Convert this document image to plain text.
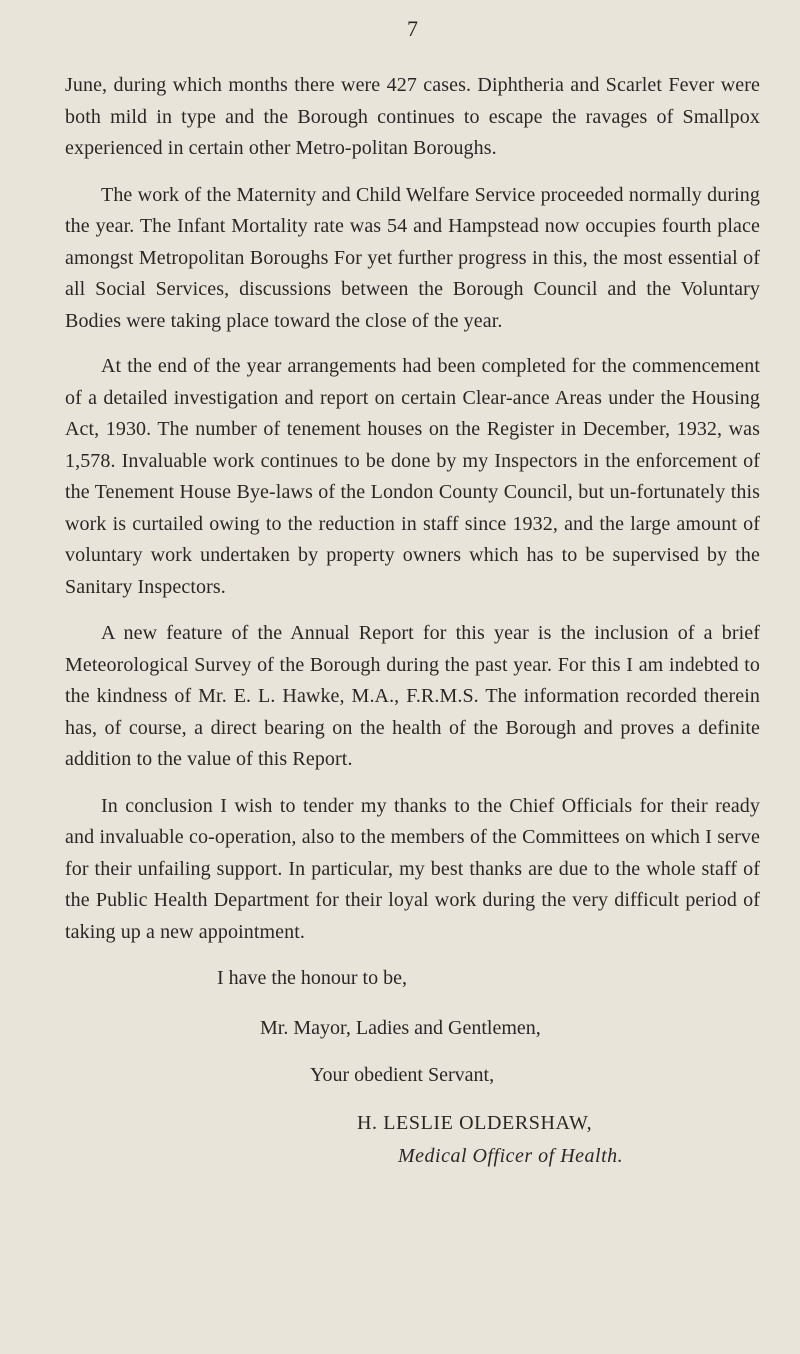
7

June, during which months there were 427 cases. Diphtheria and Scarlet Fever were both mild in type and the Borough continues to escape the ravages of Smallpox experienced in certain other Metro-politan Boroughs.

The work of the Maternity and Child Welfare Service proceeded normally during the year. The Infant Mortality rate was 54 and Hampstead now occupies fourth place amongst Metropolitan Boroughs For yet further progress in this, the most essential of all Social Services, discussions between the Borough Council and the Voluntary Bodies were taking place toward the close of the year.

At the end of the year arrangements had been completed for the commencement of a detailed investigation and report on certain Clear-ance Areas under the Housing Act, 1930. The number of tenement houses on the Register in December, 1932, was 1,578. Invaluable work continues to be done by my Inspectors in the enforcement of the Tenement House Bye-laws of the London County Council, but un-fortunately this work is curtailed owing to the reduction in staff since 1932, and the large amount of voluntary work undertaken by property owners which has to be supervised by the Sanitary Inspectors.

A new feature of the Annual Report for this year is the inclusion of a brief Meteorological Survey of the Borough during the past year. For this I am indebted to the kindness of Mr. E. L. Hawke, M.A., F.R.M.S. The information recorded therein has, of course, a direct bearing on the health of the Borough and proves a definite addition to the value of this Report.

In conclusion I wish to tender my thanks to the Chief Officials for their ready and invaluable co-operation, also to the members of the Committees on which I serve for their unfailing support. In particular, my best thanks are due to the whole staff of the Public Health Department for their loyal work during the very difficult period of taking up a new appointment.

I have the honour to be,

Mr. Mayor, Ladies and Gentlemen,

Your obedient Servant,

H. LESLIE OLDERSHAW,

Medical Officer of Health.
